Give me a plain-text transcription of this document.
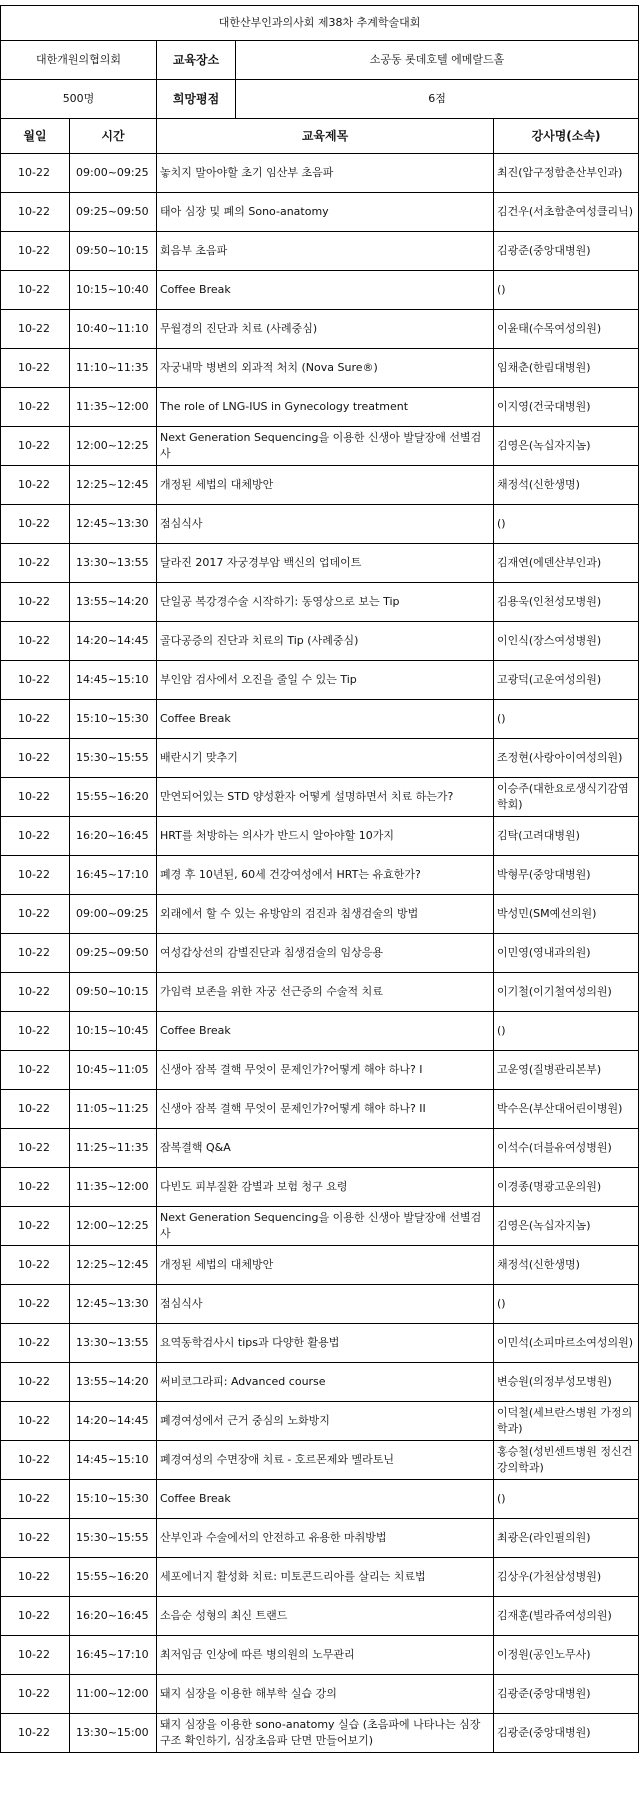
대한산부인과의사회 제38차 추계학술대회		
대한개원의협의회	교육장소	소공동 롯데호텔 에메랄드홀
500명	희망평점	6점
월일	시간	교육제목	강사명(소속)
10-22	09:00~09:25	놓치지 말아야할 초기 임산부 초음파	최진(압구정함춘산부인과)
10-22	09:25~09:50	태아 심장 및 폐의 Sono-anatomy	김건우(서초함춘여성클리닉)
10-22	09:50~10:15	회음부 초음파	김광준(중앙대병원)
10-22	10:15~10:40	Coffee Break	()
10-22	10:40~11:10	무월경의 진단과 치료 (사례중심)	이윤태(수목여성의원)
10-22	11:10~11:35	자궁내막 병변의 외과적 처치 (Nova Sure®)	임채춘(한림대병원)
10-22	11:35~12:00	The role of LNG-IUS in Gynecology treatment	이지영(건국대병원)
10-22	12:00~12:25	Next Generation Sequencing을 이용한 신생아 발달장애 선별검사	김영은(녹십자지놈)
10-22	12:25~12:45	개정된 세법의 대체방안	채정석(신한생명)
10-22	12:45~13:30	점심식사	()
10-22	13:30~13:55	달라진 2017 자궁경부암 백신의 업데이트	김재연(에덴산부인과)
10-22	13:55~14:20	단일공 복강경수술 시작하기: 동영상으로 보는 Tip	김용욱(인천성모병원)
10-22	14:20~14:45	골다공증의 진단과 치료의 Tip (사례중심)	이인식(장스여성병원)
10-22	14:45~15:10	부인암 검사에서 오진을 줄일 수 있는 Tip	고광덕(고운여성의원)
10-22	15:10~15:30	Coffee Break	()
10-22	15:30~15:55	배란시기 맞추기	조정현(사랑아이여성의원)
10-22	15:55~16:20	만연되어있는 STD 양성환자 어떻게 설명하면서 치료 하는가?	이승주(대한요로생식기감염학회)
10-22	16:20~16:45	HRT를 처방하는 의사가 반드시 알아야할 10가지	김탁(고려대병원)
10-22	16:45~17:10	폐경 후 10년된, 60세 건강여성에서 HRT는 유효한가?	박형무(중앙대병원)
10-22	09:00~09:25	외래에서 할 수 있는 유방암의 검진과 침생검술의 방법	박성민(SM예선의원)
10-22	09:25~09:50	여성갑상선의 감별진단과 침생검술의 임상응용	이민영(영내과의원)
10-22	09:50~10:15	가임력 보존을 위한 자궁 선근증의 수술적 치료	이기철(이기철여성의원)
10-22	10:15~10:45	Coffee Break	()
10-22	10:45~11:05	신생아 잠복 결핵 무엇이 문제인가?어떻게 해야 하나? I	고운영(질병관리본부)
10-22	11:05~11:25	신생아 잠복 결핵 무엇이 문제인가?어떻게 해야 하나? II	박수은(부산대어린이병원)
10-22	11:25~11:35	잠복결핵 Q&A	이석수(더블유여성병원)
10-22	11:35~12:00	다빈도 피부질환 감별과 보험 청구 요령	이경종(명광고운의원)
10-22	12:00~12:25	Next Generation Sequencing을 이용한 신생아 발달장애 선별검사	김영은(녹십자지놈)
10-22	12:25~12:45	개정된 세법의 대체방안	채정석(신한생명)
10-22	12:45~13:30	점심식사	()
10-22	13:30~13:55	요역동학검사시 tips과 다양한 활용법	이민석(소피마르소여성의원)
10-22	13:55~14:20	써비코그라피: Advanced course	변승원(의정부성모병원)
10-22	14:20~14:45	폐경여성에서 근거 중심의 노화방지	이덕철(세브란스병원 가정의학과)
10-22	14:45~15:10	폐경여성의 수면장애 치료 - 호르몬제와 멜라토닌	홍승철(성빈센트병원 정신건강의학과)
10-22	15:10~15:30	Coffee Break	()
10-22	15:30~15:55	산부인과 수술에서의 안전하고 유용한 마취방법	최광은(라인필의원)
10-22	15:55~16:20	세포에너지 활성화 치료: 미토콘드리아를 살리는 치료법	김상우(가천삼성병원)
10-22	16:20~16:45	소음순 성형의 최신 트랜드	김재훈(빌라쥬여성의원)
10-22	16:45~17:10	최저임금 인상에 따른 병의원의 노무관리	이정원(공인노무사)
10-22	11:00~12:00	돼지 심장을 이용한 해부학 실습 강의	김광준(중앙대병원)
10-22	13:30~15:00	돼지 심장을 이용한 sono-anatomy 실습 (초음파에 나타나는 심장구조 확인하기, 심장초음파 단면 만들어보기)	김광준(중앙대병원)
